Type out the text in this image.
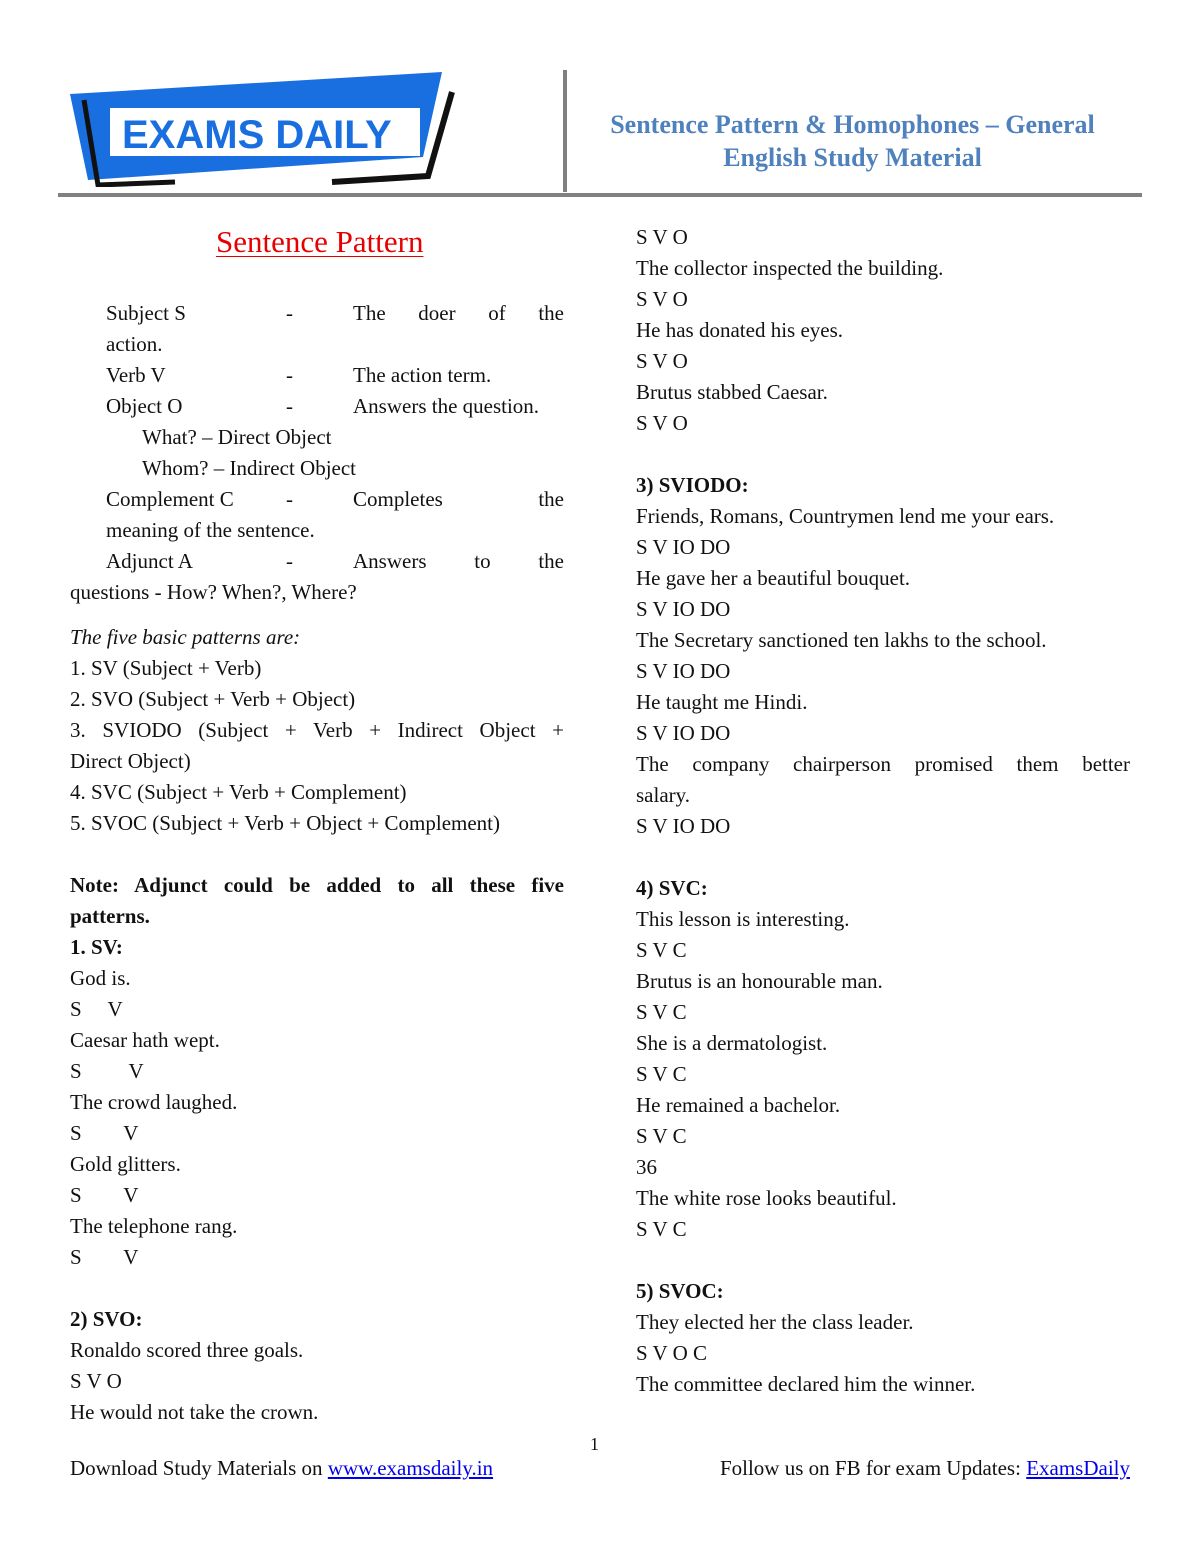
EXAMS DAILY	Sentence Pattern & Homophones – General
English Study Material
Sentence Pattern
Subject S	-	The doer of the
action.
Verb V	-	The action term.
Object O	-	Answers the question.
What? – Direct Object
Whom? – Indirect Object
Complement C -	Completes the
meaning of the sentence.
Adjunct A	-	Answers to the
questions - How? When?, Where?
The five basic patterns are:
1. SV (Subject + Verb)
2. SVO (Subject + Verb + Object)
3. SVIODO (Subject + Verb + Indirect Object +
Direct Object)
4. SVC (Subject + Verb + Complement)
5. SVOC (Subject + Verb + Object + Complement)
Note: Adjunct could be added to all these five
patterns.
1. SV:
God is.
S     V
Caesar hath wept.
S         V
The crowd laughed.
S        V
Gold glitters.
S        V
The telephone rang.
S        V
2) SVO:
Ronaldo scored three goals.
S V O
He would not take the crown.
S V O
The collector inspected the building.
S V O
He has donated his eyes.
S V O
Brutus stabbed Caesar.
S V O
3) SVIODO:
Friends, Romans, Countrymen lend me your ears.
S V IO DO
He gave her a beautiful bouquet.
S V IO DO
The Secretary sanctioned ten lakhs to the school.
S V IO DO
He taught me Hindi.
S V IO DO
The company chairperson promised them better
salary.
S V IO DO
4) SVC:
This lesson is interesting.
S V C
Brutus is an honourable man.
S V C
She is a dermatologist.
S V C
He remained a bachelor.
S V C
36
The white rose looks beautiful.
S V C
5) SVOC:
They elected her the class leader.
S V O C
The committee declared him the winner.
1
Download Study Materials on www.examsdaily.in	Follow us on FB for exam Updates: ExamsDaily
